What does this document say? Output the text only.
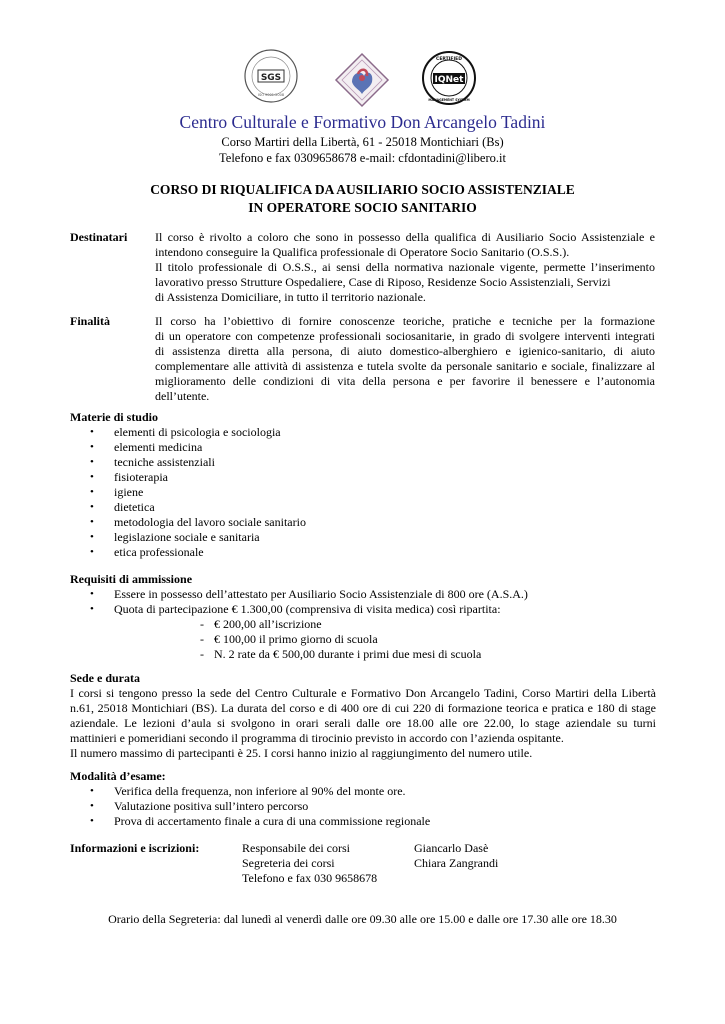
SGS
ISO 9001:2008
CERTIFIED
IQNet
MANAGEMENT SYSTEM
Centro Culturale e Formativo Don Arcangelo Tadini
Corso Martiri della Libertà, 61 - 25018 Montichiari (Bs)
Telefono e fax 0309658678 e-mail: cfdontadini@libero.it
CORSO DI RIQUALIFICA DA AUSILIARIO SOCIO ASSISTENZIALE
IN OPERATORE SOCIO SANITARIO
Destinatari Il corso è rivolto a coloro che sono in possesso della qualifica di Ausiliario Socio Assistenziale e
intendono conseguire la Qualifica professionale di Operatore Socio Sanitario (O.S.S.).
Il titolo professionale di O.S.S., ai sensi della normativa nazionale vigente, permette l’inserimento
lavorativo presso Strutture Ospedaliere, Case di Riposo, Residenze Socio Assistenziali, Servizi
di Assistenza Domiciliare, in tutto il territorio nazionale.
Finalità	Il corso ha l’obiettivo di fornire conoscenze teoriche, pratiche e tecniche per la formazione
di un operatore con competenze professionali sociosanitarie, in grado di svolgere interventi integrati
di assistenza diretta alla persona, di aiuto domestico-alberghiero e igienico-sanitario, di aiuto
complementare alle attività di assistenza e tutela svolte da personale sanitario e sociale, finalizzare al
miglioramento delle condizioni di vita della persona e per favorire il benessere e l’autonomia
dell’utente.
Materie di studio
• elementi di psicologia e sociologia
• elementi medicina
• tecniche assistenziali
• fisioterapia
• igiene
• dietetica
• metodologia del lavoro sociale sanitario
• legislazione sociale e sanitaria
• etica professionale
Requisiti di ammissione
• Essere in possesso dell’attestato per Ausiliario Socio Assistenziale di 800 ore (A.S.A.)
• Quota di partecipazione € 1.300,00 (comprensiva di visita medica) così ripartita:
- € 200,00 all’iscrizione
- € 100,00 il primo giorno di scuola
- N. 2 rate da € 500,00 durante i primi due mesi di scuola
Sede e durata
I corsi si tengono presso la sede del Centro Culturale e Formativo Don Arcangelo Tadini, Corso Martiri della Libertà
n.61, 25018 Montichiari (BS). La durata del corso e di 400 ore di cui 220 di formazione teorica e pratica e 180 di stage
aziendale. Le lezioni d’aula si svolgono in orari serali dalle ore 18.00 alle ore 22.00, lo stage aziendale su turni
mattinieri e pomeridiani secondo il programma di tirocinio previsto in accordo con l’azienda ospitante.
Il numero massimo di partecipanti è 25. I corsi hanno inizio al raggiungimento del numero utile.
Modalità d’esame:
• Verifica della frequenza, non inferiore al 90% del monte ore.
• Valutazione positiva sull’intero percorso
• Prova di accertamento finale a cura di una commissione regionale
Informazioni e iscrizioni:	Responsabile dei corsi
Segreteria dei corsi
Telefono e fax 030 9658678
Giancarlo Dasè
Chiara Zangrandi
Orario della Segreteria: dal lunedì al venerdì dalle ore 09.30 alle ore 15.00 e dalle ore 17.30 alle ore 18.30
